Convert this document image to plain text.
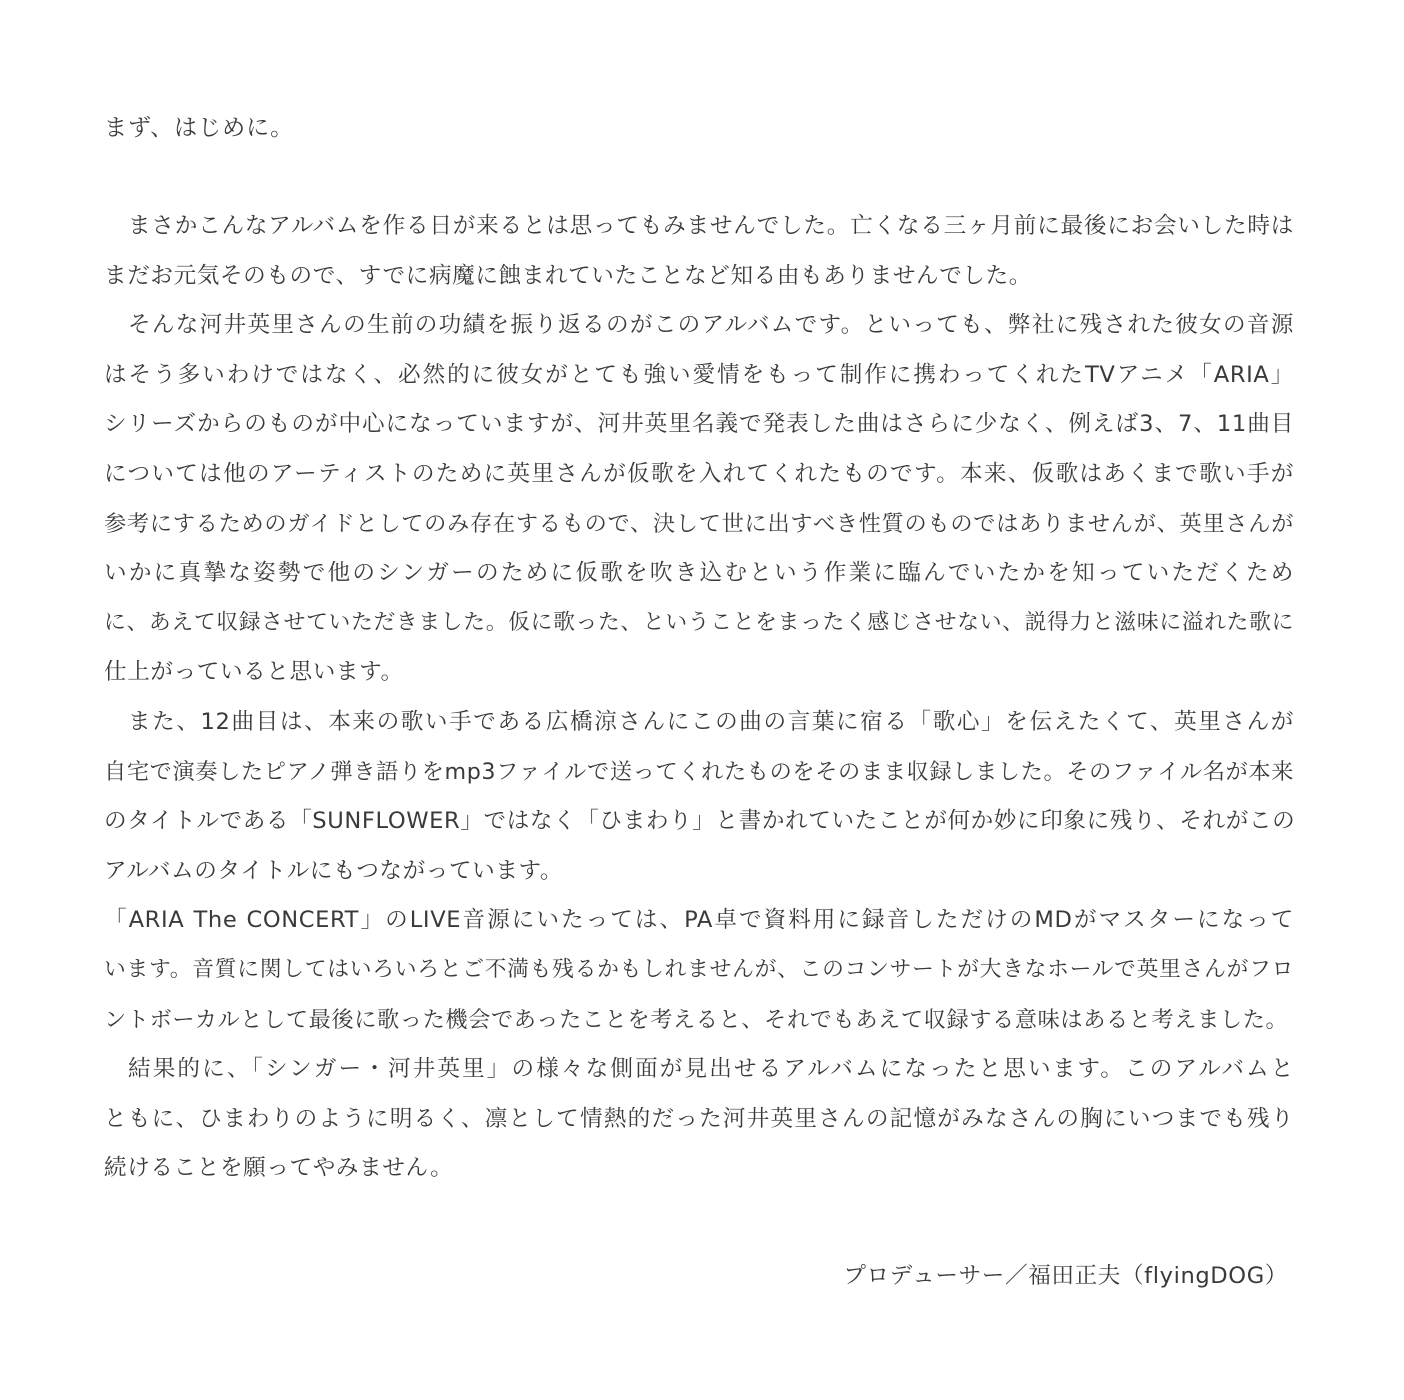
まず、はじめに。
まさかこんなアルバムを作る日が来るとは思ってもみませんでした。亡くなる三ヶ月前に最後にお会いした時は
まだお元気そのもので、すでに病魔に蝕まれていたことなど知る由もありませんでした。
そんな河井英里さんの生前の功績を振り返るのがこのアルバムです。といっても、弊社に残された彼女の音源
はそう多いわけではなく、必然的に彼女がとても強い愛情をもって制作に携わってくれたTVアニメ「ARIA」
シリーズからのものが中心になっていますが、河井英里名義で発表した曲はさらに少なく、例えば3、7、11曲目
については他のアーティストのために英里さんが仮歌を入れてくれたものです。本来、仮歌はあくまで歌い手が
参考にするためのガイドとしてのみ存在するもので、決して世に出すべき性質のものではありませんが、英里さんが
いかに真摯な姿勢で他のシンガーのために仮歌を吹き込むという作業に臨んでいたかを知っていただくため
に、あえて収録させていただきました。仮に歌った、ということをまったく感じさせない、説得力と滋味に溢れた歌に
仕上がっていると思います。
また、12曲目は、本来の歌い手である広橋涼さんにこの曲の言葉に宿る「歌心」を伝えたくて、英里さんが
自宅で演奏したピアノ弾き語りをmp3ファイルで送ってくれたものをそのまま収録しました。そのファイル名が本来
のタイトルである「SUNFLOWER」ではなく「ひまわり」と書かれていたことが何か妙に印象に残り、それがこの
アルバムのタイトルにもつながっています。
「ARIA The CONCERT」のLIVE音源にいたっては、PA卓で資料用に録音しただけのMDがマスターになって
います。音質に関してはいろいろとご不満も残るかもしれませんが、このコンサートが大きなホールで英里さんがフロ
ントボーカルとして最後に歌った機会であったことを考えると、それでもあえて収録する意味はあると考えました。
結果的に、「シンガー・河井英里」の様々な側面が見出せるアルバムになったと思います。このアルバムと
ともに、ひまわりのように明るく、凛として情熱的だった河井英里さんの記憶がみなさんの胸にいつまでも残り
続けることを願ってやみません。
プロデューサー／福田正夫（flyingDOG）
